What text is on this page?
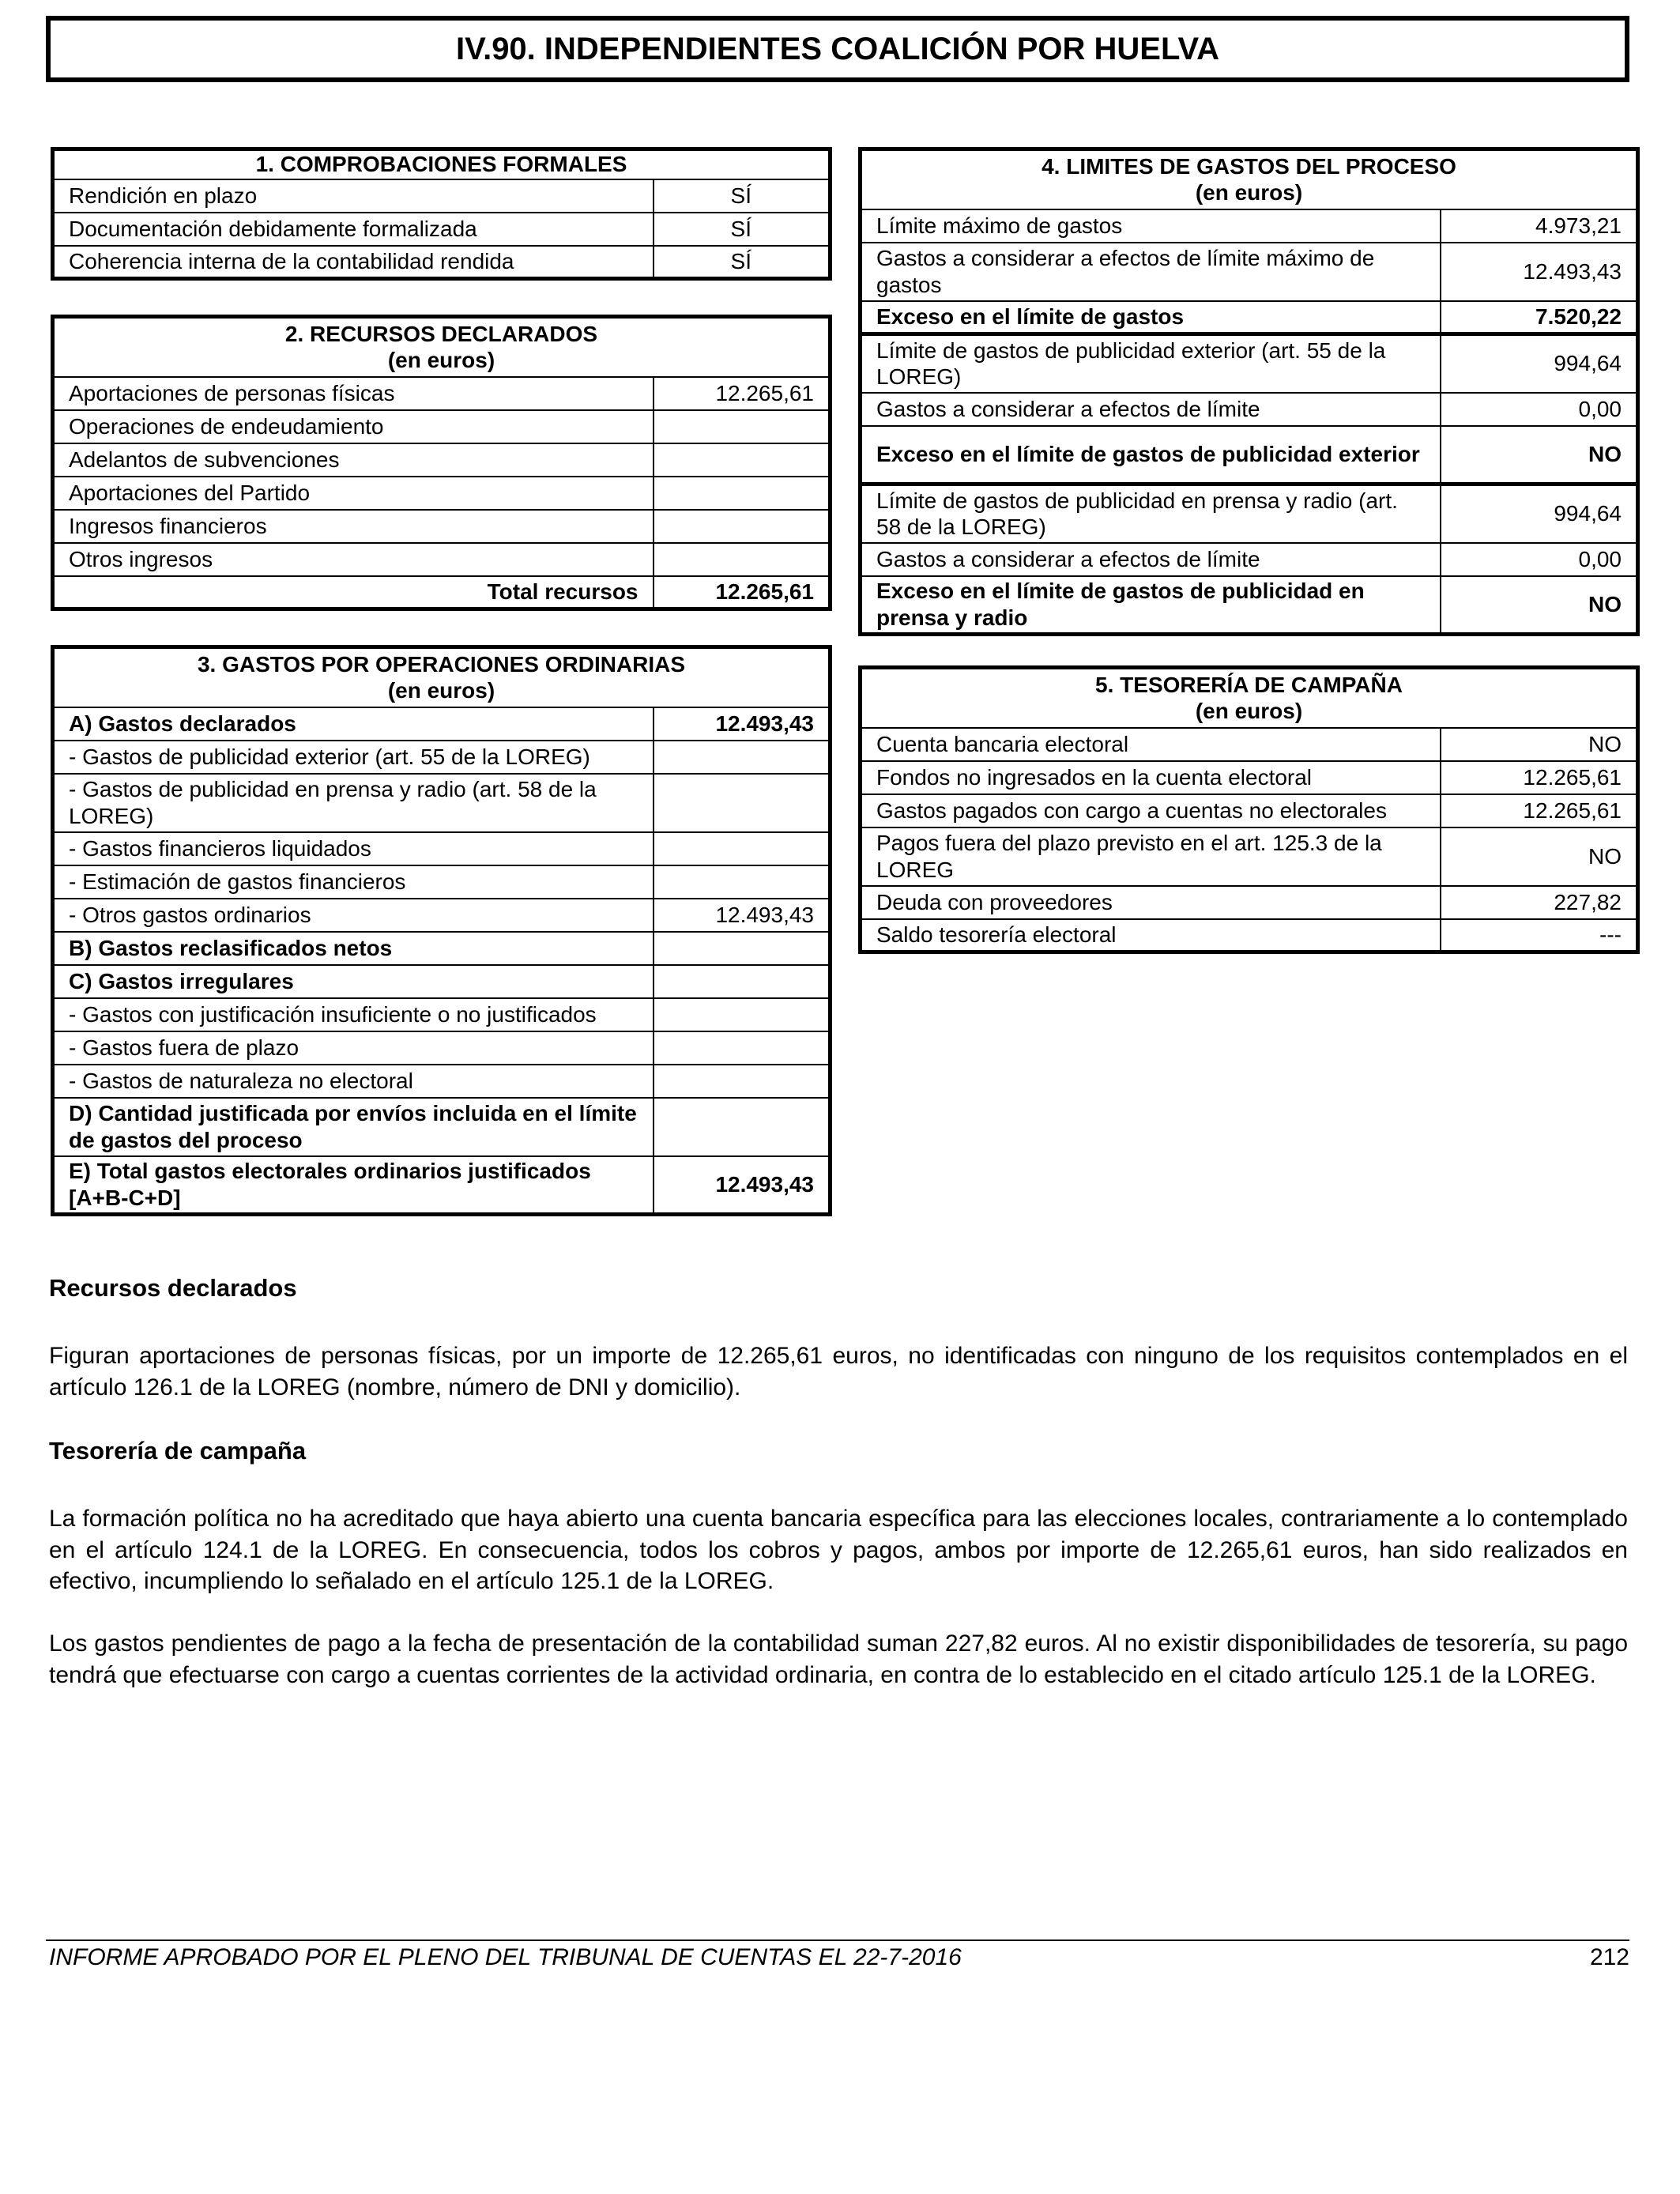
IV.90. INDEPENDIENTES COALICIÓN POR HUELVA
1. COMPROBACIONES FORMALES	
Rendición en plazo	SÍ
Documentación debidamente formalizada	SÍ
Coherencia interna de la contabilidad rendida	SÍ
2. RECURSOS DECLARADOS
(en euros)	
Aportaciones de personas físicas	12.265,61
Operaciones de endeudamiento	
Adelantos de subvenciones	
Aportaciones del Partido	
Ingresos financieros	
Otros ingresos	
Total recursos	12.265,61
3. GASTOS POR OPERACIONES ORDINARIAS
(en euros)	
A) Gastos declarados	12.493,43
- Gastos de publicidad exterior (art. 55 de la LOREG)	
- Gastos de publicidad en prensa y radio (art. 58 de la LOREG)	
- Gastos financieros liquidados	
- Estimación de gastos financieros	
- Otros gastos ordinarios	12.493,43
B) Gastos reclasificados netos	
C) Gastos irregulares	
- Gastos con justificación insuficiente o no justificados	
- Gastos fuera de plazo	
- Gastos de naturaleza no electoral	
D) Cantidad justificada por envíos incluida en el límite de gastos del proceso	
E) Total gastos electorales ordinarios justificados [A+B-C+D]	12.493,43
4. LIMITES DE GASTOS DEL PROCESO
(en euros)	
Límite máximo de gastos	4.973,21
Gastos a considerar a efectos de límite máximo de gastos	12.493,43
Exceso en el límite de gastos	7.520,22
Límite de gastos de publicidad exterior (art. 55 de la LOREG)	994,64
Gastos a considerar a efectos de límite	0,00
Exceso en el límite de gastos de publicidad exterior	NO
Límite de gastos de publicidad en prensa y radio (art. 58 de la LOREG)	994,64
Gastos a considerar a efectos de límite	0,00
Exceso en el límite de gastos de publicidad en prensa y radio	NO
5. TESORERÍA DE CAMPAÑA
(en euros)	
Cuenta bancaria electoral	NO
Fondos no ingresados en la cuenta electoral	12.265,61
Gastos pagados con cargo a cuentas no electorales	12.265,61
Pagos fuera del plazo previsto en el art. 125.3 de la LOREG	NO
Deuda con proveedores	227,82
Saldo tesorería electoral	---
Recursos declarados
Figuran aportaciones de personas físicas, por un importe de 12.265,61 euros, no identificadas con ninguno de los requisitos contemplados en el artículo 126.1 de la LOREG (nombre, número de DNI y domicilio).
Tesorería de campaña
La formación política no ha acreditado que haya abierto una cuenta bancaria específica para las elecciones locales, contrariamente a lo contemplado en el artículo 124.1 de la LOREG. En consecuencia, todos los cobros y pagos, ambos por importe de 12.265,61 euros, han sido realizados en efectivo, incumpliendo lo señalado en el artículo 125.1 de la LOREG.
Los gastos pendientes de pago a la fecha de presentación de la contabilidad suman 227,82 euros. Al no existir disponibilidades de tesorería, su pago tendrá que efectuarse con cargo a cuentas corrientes de la actividad ordinaria, en contra de lo establecido en el citado artículo 125.1 de la LOREG.
INFORME APROBADO POR EL PLENO DEL TRIBUNAL DE CUENTAS EL 22-7-2016	212
